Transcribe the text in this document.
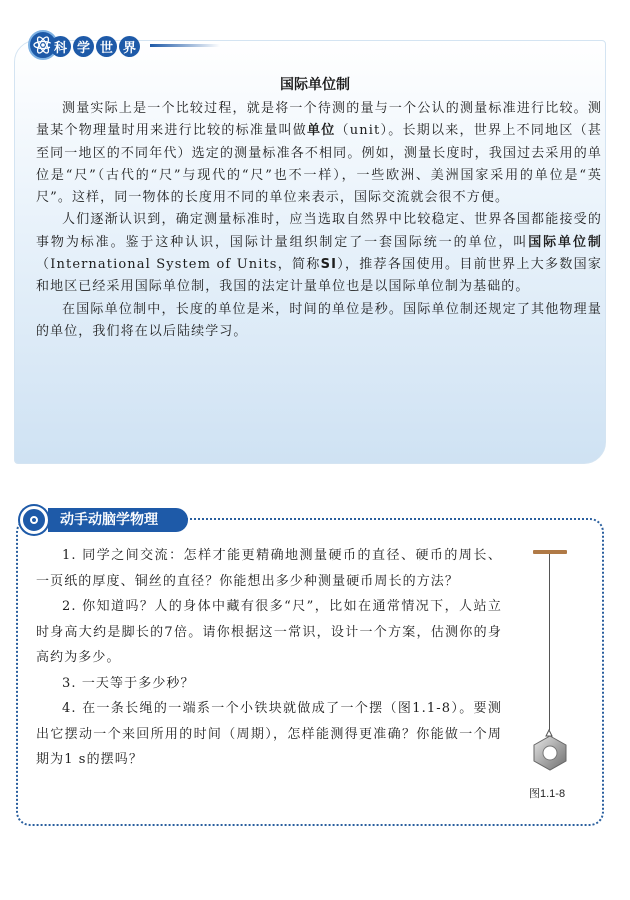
科 学 世 界
国际单位制

测量实际上是一个比较过程，就是将一个待测的量与一个公认的测量标准进行比较。测量某个物理量时用来进行比较的标准量叫做单位（unit）。长期以来，世界上不同地区（甚至同一地区的不同年代）选定的测量标准各不相同。例如，测量长度时，我国过去采用的单位是“尺”（古代的“尺”与现代的“尺”也不一样），一些欧洲、美洲国家采用的单位是“英尺”。这样，同一物体的长度用不同的单位来表示，国际交流就会很不方便。

人们逐渐认识到，确定测量标准时，应当选取自然界中比较稳定、世界各国都能接受的事物为标准。鉴于这种认识，国际计量组织制定了一套国际统一的单位，叫国际单位制（International System of Units，简称SI），推荐各国使用。目前世界上大多数国家和地区已经采用国际单位制，我国的法定计量单位也是以国际单位制为基础的。

在国际单位制中，长度的单位是米，时间的单位是秒。国际单位制还规定了其他物理量的单位，我们将在以后陆续学习。

动手动脑学物理

1. 同学之间交流：怎样才能更精确地测量硬币的直径、硬币的周长、一页纸的厚度、铜丝的直径？你能想出多少种测量硬币周长的方法？

2. 你知道吗？人的身体中藏有很多“尺”，比如在通常情况下，人站立时身高大约是脚长的7倍。请你根据这一常识，设计一个方案，估测你的身高约为多少。

3. 一天等于多少秒？

4. 在一条长绳的一端系一个小铁块就做成了一个摆（图1.1-8）。要测出它摆动一个来回所用的时间（周期），怎样能测得更准确？你能做一个周期为1 s的摆吗？

图1.1-8
